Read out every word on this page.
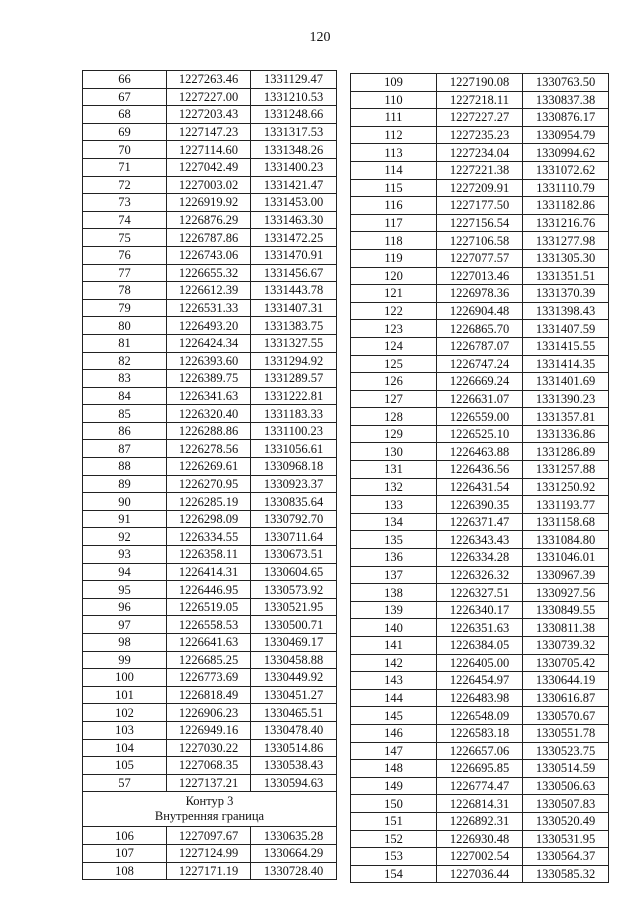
120
66	1227263.46	1331129.47
67	1227227.00	1331210.53
68	1227203.43	1331248.66
69	1227147.23	1331317.53
70	1227114.60	1331348.26
71	1227042.49	1331400.23
72	1227003.02	1331421.47
73	1226919.92	1331453.00
74	1226876.29	1331463.30
75	1226787.86	1331472.25
76	1226743.06	1331470.91
77	1226655.32	1331456.67
78	1226612.39	1331443.78
79	1226531.33	1331407.31
80	1226493.20	1331383.75
81	1226424.34	1331327.55
82	1226393.60	1331294.92
83	1226389.75	1331289.57
84	1226341.63	1331222.81
85	1226320.40	1331183.33
86	1226288.86	1331100.23
87	1226278.56	1331056.61
88	1226269.61	1330968.18
89	1226270.95	1330923.37
90	1226285.19	1330835.64
91	1226298.09	1330792.70
92	1226334.55	1330711.64
93	1226358.11	1330673.51
94	1226414.31	1330604.65
95	1226446.95	1330573.92
96	1226519.05	1330521.95
97	1226558.53	1330500.71
98	1226641.63	1330469.17
99	1226685.25	1330458.88
100	1226773.69	1330449.92
101	1226818.49	1330451.27
102	1226906.23	1330465.51
103	1226949.16	1330478.40
104	1227030.22	1330514.86
105	1227068.35	1330538.43
57	1227137.21	1330594.63

Контур 3
Внутренняя граница		

106	1227097.67	1330635.28
107	1227124.99	1330664.29
108	1227171.19	1330728.40
109	1227190.08	1330763.50
110	1227218.11	1330837.38
111	1227227.27	1330876.17
112	1227235.23	1330954.79
113	1227234.04	1330994.62
114	1227221.38	1331072.62
115	1227209.91	1331110.79
116	1227177.50	1331182.86
117	1227156.54	1331216.76
118	1227106.58	1331277.98
119	1227077.57	1331305.30
120	1227013.46	1331351.51
121	1226978.36	1331370.39
122	1226904.48	1331398.43
123	1226865.70	1331407.59
124	1226787.07	1331415.55
125	1226747.24	1331414.35
126	1226669.24	1331401.69
127	1226631.07	1331390.23
128	1226559.00	1331357.81
129	1226525.10	1331336.86
130	1226463.88	1331286.89
131	1226436.56	1331257.88
132	1226431.54	1331250.92
133	1226390.35	1331193.77
134	1226371.47	1331158.68
135	1226343.43	1331084.80
136	1226334.28	1331046.01
137	1226326.32	1330967.39
138	1226327.51	1330927.56
139	1226340.17	1330849.55
140	1226351.63	1330811.38
141	1226384.05	1330739.32
142	1226405.00	1330705.42
143	1226454.97	1330644.19
144	1226483.98	1330616.87
145	1226548.09	1330570.67
146	1226583.18	1330551.78
147	1226657.06	1330523.75
148	1226695.85	1330514.59
149	1226774.47	1330506.63
150	1226814.31	1330507.83
151	1226892.31	1330520.49
152	1226930.48	1330531.95
153	1227002.54	1330564.37
154	1227036.44	1330585.32
